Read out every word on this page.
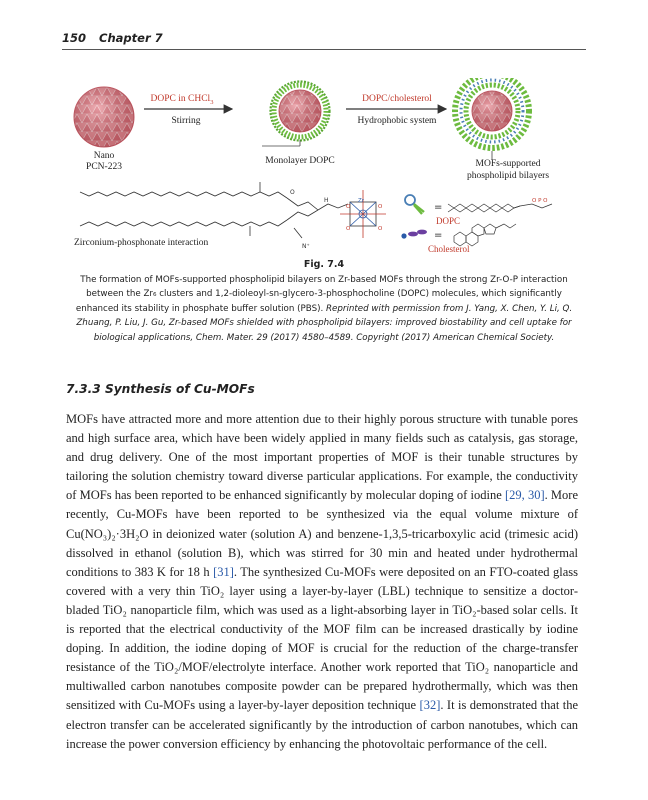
150 Chapter 7
Nano
PCN-223
DOPC in CHCl$_3$
Stirring
Monolayer DOPC
DOPC/cholesterol
Hydrophobic system
MOFs-supported
phospholipid bilayers
O
H
N⁺
O	O
O	O
Zr
Zirconium-phosphonate interaction
=
O P O
DOPC
=
Cholesterol
Fig. 7.4
The formation of MOFs-supported phospholipid bilayers on Zr-based MOFs through the strong Zr-O-P interaction between the Zr₆ clusters and 1,2-dioleoyl-sn-glycero-3-phosphocholine (DOPC) molecules, which significantly enhanced its stability in phosphate buffer solution (PBS). Reprinted with permission from J. Yang, X. Chen, Y. Li, Q. Zhuang, P. Liu, J. Gu, Zr-based MOFs shielded with phospholipid bilayers: improved biostability and cell uptake for biological applications, Chem. Mater. 29 (2017) 4580–4589. Copyright (2017) American Chemical Society.
7.3.3 Synthesis of Cu-MOFs

MOFs have attracted more and more attention due to their highly porous structure with tunable pores and high surface area, which have been widely applied in many fields such as catalysis, gas storage, and drug delivery. One of the most important properties of MOF is their tunable structures by tailoring the solution chemistry toward diverse particular applications. For example, the conductivity of MOFs has been reported to be enhanced significantly by molecular doping of iodine [29, 30]. More recently, Cu-MOFs have been reported to be synthesized via the equal volume mixture of Cu(NO₃)₂·3H₂O in deionized water (solution A) and benzene-1,3,5-tricarboxylic acid (trimesic acid) dissolved in ethanol (solution B), which was stirred for 30 min and heated under hydrothermal conditions to 383 K for 18 h [31]. The synthesized Cu-MOFs were deposited on an FTO-coated glass covered with a very thin TiO₂ layer using a layer-by-layer (LBL) technique to sensitize a doctor-bladed TiO₂ nanoparticle film, which was used as a light-absorbing layer in TiO₂-based solar cells. It is reported that the electrical conductivity of the MOF film can be increased drastically by iodine doping. In addition, the iodine doping of MOF is crucial for the reduction of the charge-transfer resistance of the TiO₂/MOF/electrolyte interface. Another work reported that TiO₂ nanoparticle and multiwalled carbon nanotubes composite powder can be prepared hydrothermally, which was then sensitized with Cu-MOFs using a layer-by-layer deposition technique [32]. It is demonstrated that the electron transfer can be accelerated significantly by the introduction of carbon nanotubes, which can increase the power conversion efficiency by enhancing the photovoltaic performance of the cell.
